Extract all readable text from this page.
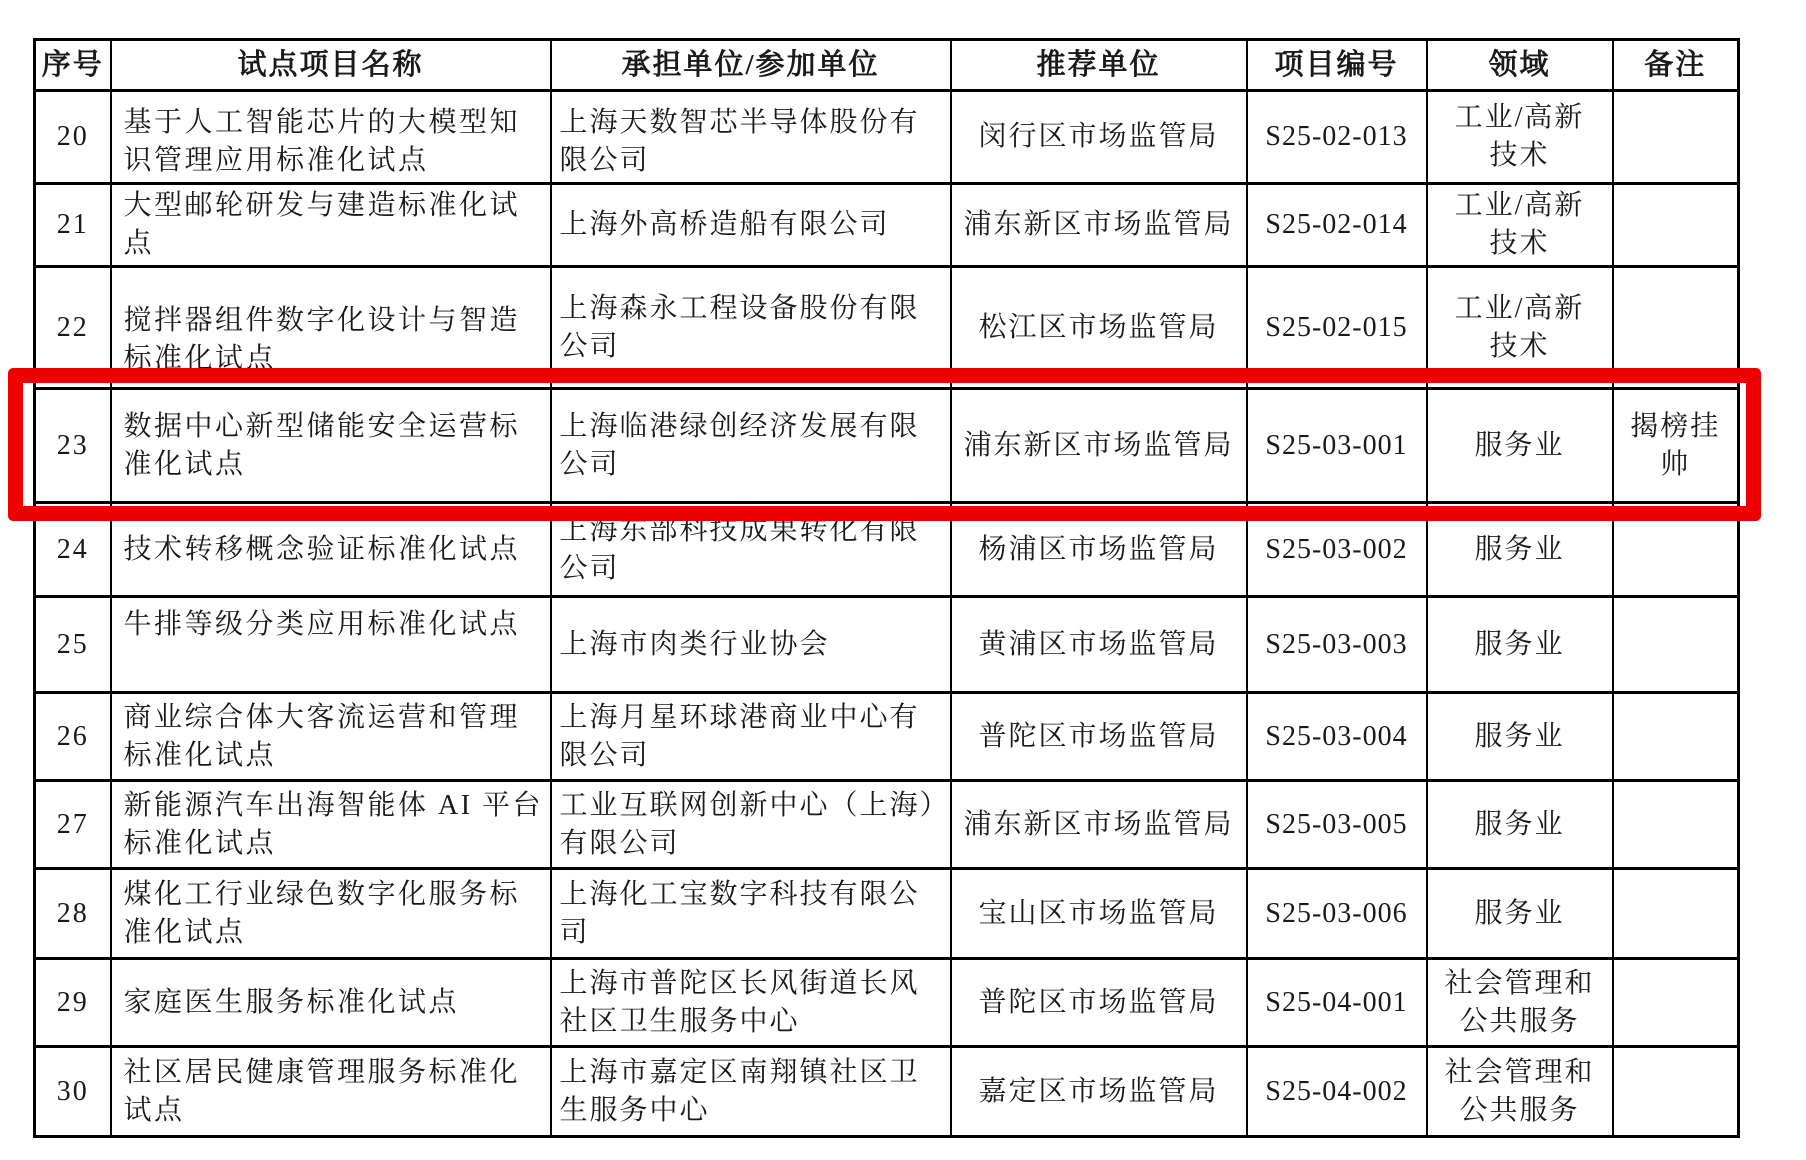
序号	试点项目名称	承担单位/参加单位	推荐单位	项目编号	领域	备注
20	基于人工智能芯片的大模型知识管理应用标准化试点	上海天数智芯半导体股份有限公司	闵行区市场监管局	S25-02-013	工业/高新技术	
21	大型邮轮研发与建造标准化试点	上海外高桥造船有限公司	浦东新区市场监管局	S25-02-014	工业/高新技术	
22	搅拌器组件数字化设计与智造标准化试点	上海森永工程设备股份有限公司	松江区市场监管局	S25-02-015	工业/高新技术	
23	数据中心新型储能安全运营标准化试点	上海临港绿创经济发展有限公司	浦东新区市场监管局	S25-03-001	服务业	揭榜挂帅
24	技术转移概念验证标准化试点	上海东部科技成果转化有限公司	杨浦区市场监管局	S25-03-002	服务业	
25	牛排等级分类应用标准化试点	上海市肉类行业协会	黄浦区市场监管局	S25-03-003	服务业	
26	商业综合体大客流运营和管理标准化试点	上海月星环球港商业中心有限公司	普陀区市场监管局	S25-03-004	服务业	
27	新能源汽车出海智能体 AI 平台标准化试点	工业互联网创新中心（上海）有限公司	浦东新区市场监管局	S25-03-005	服务业	
28	煤化工行业绿色数字化服务标准化试点	上海化工宝数字科技有限公司	宝山区市场监管局	S25-03-006	服务业	
29	家庭医生服务标准化试点	上海市普陀区长风街道长风社区卫生服务中心	普陀区市场监管局	S25-04-001	社会管理和公共服务	
30	社区居民健康管理服务标准化试点	上海市嘉定区南翔镇社区卫生服务中心	嘉定区市场监管局	S25-04-002	社会管理和公共服务	
